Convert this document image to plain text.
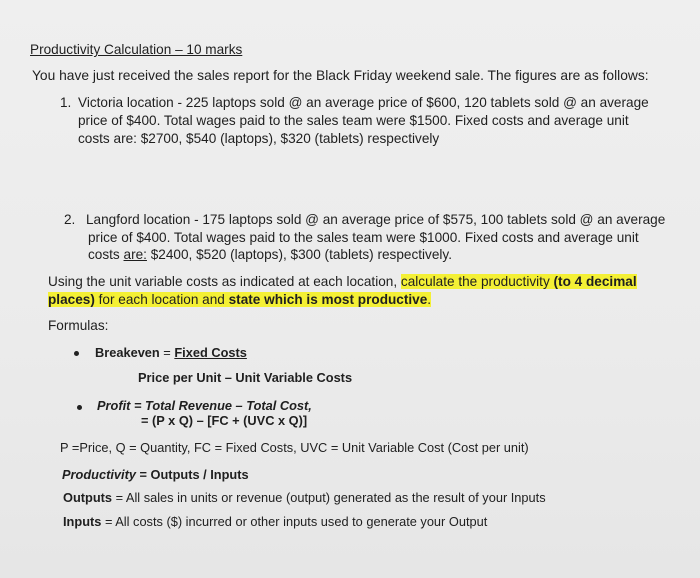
Productivity Calculation – 10 marks
You have just received the sales report for the Black Friday weekend sale. The figures are as follows:
1. Victoria location - 225 laptops sold @ an average price of $600, 120 tablets sold @ an average
price of $400. Total wages paid to the sales team were $1500. Fixed costs and average unit
costs are: $2700, $540 (laptops), $320 (tablets) respectively
2. Langford location - 175 laptops sold @ an average price of $575, 100 tablets sold @ an average
price of $400. Total wages paid to the sales team were $1000. Fixed costs and average unit
costs are: $2400, $520 (laptops), $300 (tablets) respectively.
Using the unit variable costs as indicated at each location, calculate the productivity (to 4 decimal
places) for each location and state which is most productive.
Formulas:
Breakeven = Fixed Costs
Price per Unit – Unit Variable Costs
Profit = Total Revenue – Total Cost,
= (P x Q) – [FC + (UVC x Q)]
P =Price, Q = Quantity, FC = Fixed Costs, UVC = Unit Variable Cost (Cost per unit)
Productivity = Outputs / Inputs
Outputs = All sales in units or revenue (output) generated as the result of your Inputs
Inputs = All costs ($) incurred or other inputs used to generate your Output
